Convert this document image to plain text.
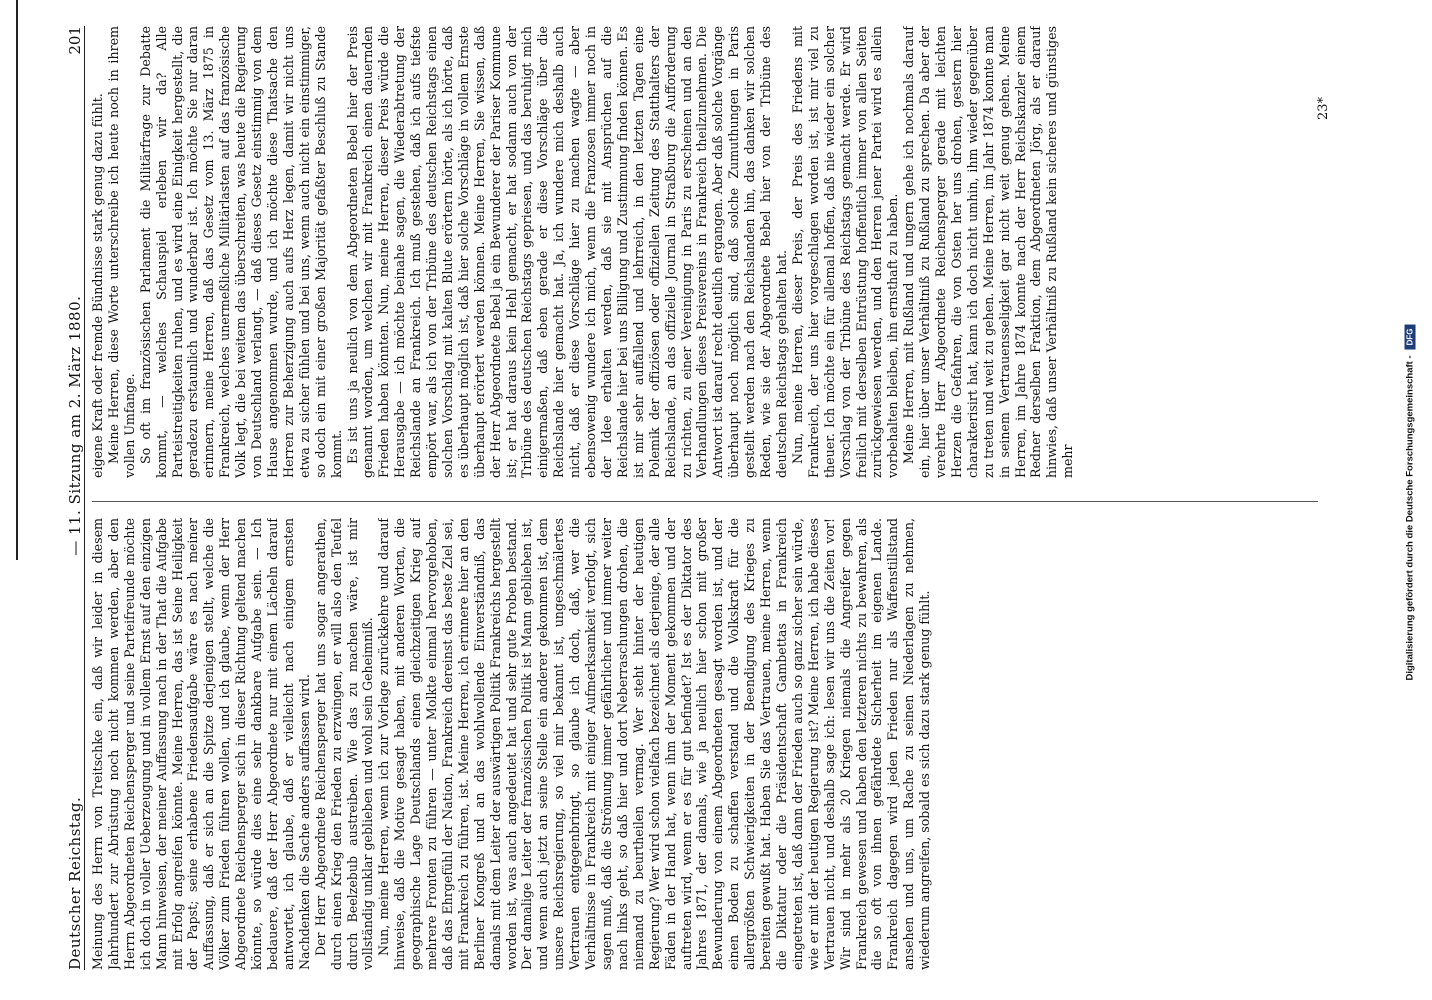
Deutscher Reichstag.
— 11. Sitzung am 2. März 1880.
201

Meinung des Herrn von Treitschke ein, daß wir leider in diesem Jahrhundert zur Abrüstung noch nicht kommen werden, aber den Herrn Abgeordneten Reichensperger und seine Parteifreunde möchte ich doch in voller Ueberzeugung und in vollem Ernst auf den einzigen Mann hinweisen, der meiner Auffassung nach in der That die Aufgabe mit Erfolg angreifen könnte. Meine Herren, das ist Seine Heiligkeit der Papst; seine erhabene Friedensaufgabe wäre es nach meiner Auffassung, daß er sich an die Spitze derjenigen stellt, welche die Völker zum Frieden führen wollen, und ich glaube, wenn der Herr Abgeordnete Reichensperger sich in dieser Richtung geltend machen könnte, so würde dies eine sehr dankbare Aufgabe sein. — Ich bedauere, daß der Herr Abgeordnete nur mit einem Lächeln darauf antwortet, ich glaube, daß er vielleicht nach einigem ernsten Nachdenken die Sache anders auffassen wird. Der Herr Abgeordnete Reichensperger hat uns sogar angerathen, durch einen Krieg den Frieden zu erzwingen, er will also den Teufel durch Beelzebub austreiben. Wie das zu machen wäre, ist mir vollständig unklar geblieben und wohl sein Geheimniß. Nun, meine Herren, wenn ich zur Vorlage zurückkehre und darauf hinweise, daß die Motive gesagt haben, mit anderen Worten, die geographische Lage Deutschlands einen gleichzeitigen Krieg auf mehrere Fronten zu führen — unter Molkte einmal hervorgehoben, daß das Ehrgefühl der Nation, Frankreich dereinst das beste Ziel sei, mit Frankreich zu führen, ist. Meine Herren, ich erinnere hier an den Berliner Kongreß und an das wohlwollende Einverständniß, das damals mit dem Leiter der auswärtigen Politik Frankreichs hergestellt worden ist, was auch angedeutet hat und sehr gute Proben bestand. Der damalige Leiter der französischen Politik ist Mann geblieben ist, und wenn auch jetzt an seine Stelle ein anderer gekommen ist, dem unsere Reichsregierung, so viel mir bekannt ist, ungeschmälertes Vertrauen entgegenbringt, so glaube ich doch, daß, wer die Verhältnisse in Frankreich mit einiger Aufmerksamkeit verfolgt, sich sagen muß, daß die Strömung immer gefährlicher und immer weiter nach links geht, so daß hier und dort Neberraschungen drohen, die niemand zu beurtheilen vermag. Wer steht hinter der heutigen Regierung? Wer wird schon vielfach bezeichnet als derjenige, der alle Fäden in der Hand hat, wenn ihm der Moment gekommen und der auftreten wird, wenn er es für gut befindet? Ist es der Diktator des Jahres 1871, der damals, wie ja neulich hier schon mit großer Bewunderung von einem Abgeordneten gesagt worden ist, und der einen Boden zu schaffen verstand und die Volkskraft für die allergrößten Schwierigkeiten in der Beendigung des Krieges zu bereiten gewußt hat. Haben Sie das Vertrauen, meine Herren, wenn die Diktatur oder die Präsidentschaft Gambettas in Frankreich eingetreten ist, daß dann der Frieden auch so ganz sicher sein würde, wie er mit der heutigen Regierung ist? Meine Herren, ich habe dieses Vertrauen nicht, und deshalb sage ich: lesen wir uns die Zeiten vor! Wir sind in mehr als 20 Kriegen niemals die Angreifer gegen Frankreich gewesen und haben den letzteren nichts zu bewahren, als die so oft von ihnen gefährdete Sicherheit im eigenen Lande. Frankreich dagegen wird jeden Frieden nur als Waffenstillstand ansehen und uns, um Rache zu seinen Niederlagen zu nehmen, wiederum angreifen, sobald es sich dazu stark genug fühlt.

eigene Kraft oder fremde Bündnisse stark genug dazu fühlt. Meine Herren, diese Worte unterschreibe ich heute noch in ihrem vollen Umfange. So oft im französischen Parlament die Militärfrage zur Debatte kommt, — welches Schauspiel erleben wir da? Alle Parteistreitigkeiten ruhen, und es wird eine Einigkeit hergestellt, die geradezu erstaunlich und wunderbar ist. Ich möchte Sie nur daran erinnern, meine Herren, daß das Gesetz vom 13. März 1875 in Frankreich, welches unermeßliche Militärlasten auf das französische Volk legt, die bei weitem das überschreiten, was heute die Regierung von Deutschland verlangt, — daß dieses Gesetz einstimmig von dem Hause angenommen wurde, und ich möchte diese Thatsache den Herren zur Beherzigung auch aufs Herz legen, damit wir nicht uns etwa zu sicher fühlen und bei uns, wenn auch nicht ein einstimmiger, so doch ein mit einer großen Majorität gefaßter Beschluß zu Stande kommt. Es ist uns ja neulich von dem Abgeordneten Bebel hier der Preis genannt worden, um welchen wir mit Frankreich einen dauernden Frieden haben könnten. Nun, meine Herren, dieser Preis würde die Herausgabe — ich möchte beinahe sagen, die Wiederabtretung der Reichslande an Frankreich. Ich muß gestehen, daß ich aufs tiefste empört war, als ich von der Tribüne des deutschen Reichstags einen solchen Vorschlag mit kalten Blute erörtern hörte, als ich hörte, daß es überhaupt möglich ist, daß hier solche Vorschläge in vollem Ernste überhaupt erörtert werden können. Meine Herren, Sie wissen, daß der Herr Abgeordnete Bebel ja ein Bewunderer der Pariser Kommune ist; er hat daraus kein Hehl gemacht, er hat sodann auch von der Tribüne des deutschen Reichstags gepriesen, und das beruhigt mich einigermaßen, daß eben gerade er diese Vorschläge über die Reichslande hier gemacht hat. Ja, ich wundere mich deshalb auch nicht, daß er diese Vorschläge hier zu machen wagte — aber ebensowenig wundere ich mich, wenn die Franzosen immer noch in der Idee erhalten werden, daß sie mit Ansprüchen auf die Reichslande hier bei uns Billigung und Zustimmung finden können. Es ist mir sehr auffallend und lehrreich, in den letzten Tagen eine Polemik der offiziösen oder offiziellen Zeitung des Statthalters der Reichslande, an das offizielle Journal in Straßburg die Aufforderung zu richten, zu einer Vereinigung in Paris zu erscheinen und an den Verhandlungen dieses Preisvereins in Frankreich theilzunehmen. Die Antwort ist darauf recht deutlich ergangen. Aber daß solche Vorgänge überhaupt noch möglich sind, daß solche Zumuthungen in Paris gestellt werden nach den Reichslanden hin, das danken wir solchen Reden, wie sie der Abgeordnete Bebel hier von der Tribüne des deutschen Reichstags gehalten hat. Nun, meine Herren, dieser Preis, der Preis des Friedens mit Frankreich, der uns hier vorgeschlagen worden ist, ist mir viel zu theuer. Ich möchte ein für allemal hoffen, daß nie wieder ein solcher Vorschlag von der Tribüne des Reichstags gemacht werde. Er wird freilich mit derselben Entrüstung hoffentlich immer von allen Seiten zurückgewiesen werden, und den Herren jener Partei wird es allein vorbehalten bleiben, ihn ernsthaft zu haben. Meine Herren, mit Rußland und ungern gehe ich nochmals darauf ein, hier über unser Verhältniß zu Rußland zu sprechen. Da aber der verehrte Herr Abgeordnete Reichensperger gerade mit leichten Herzen die Gefahren, die von Osten her uns drohen, gestern hier charakterisirt hat, kann ich doch nicht umhin, ihm wieder gegenüber zu treten und weit zu gehen. Meine Herren, im Jahr 1874 konnte man in seinem Vertrauensseligkeit gar nicht weit genug gehen. Meine Herren, im Jahre 1874 konnte nach der Herr Reichskanzler einem Redner derselben Fraktion, dem Abgeordneten Jörg, als er darauf hinwies, daß unser Verhältniß zu Rußland kein sicheres und günstiges mehr

23*
Digitalisierung gefördert durch die Deutsche Forschungsgemeinschaft -
DFG
